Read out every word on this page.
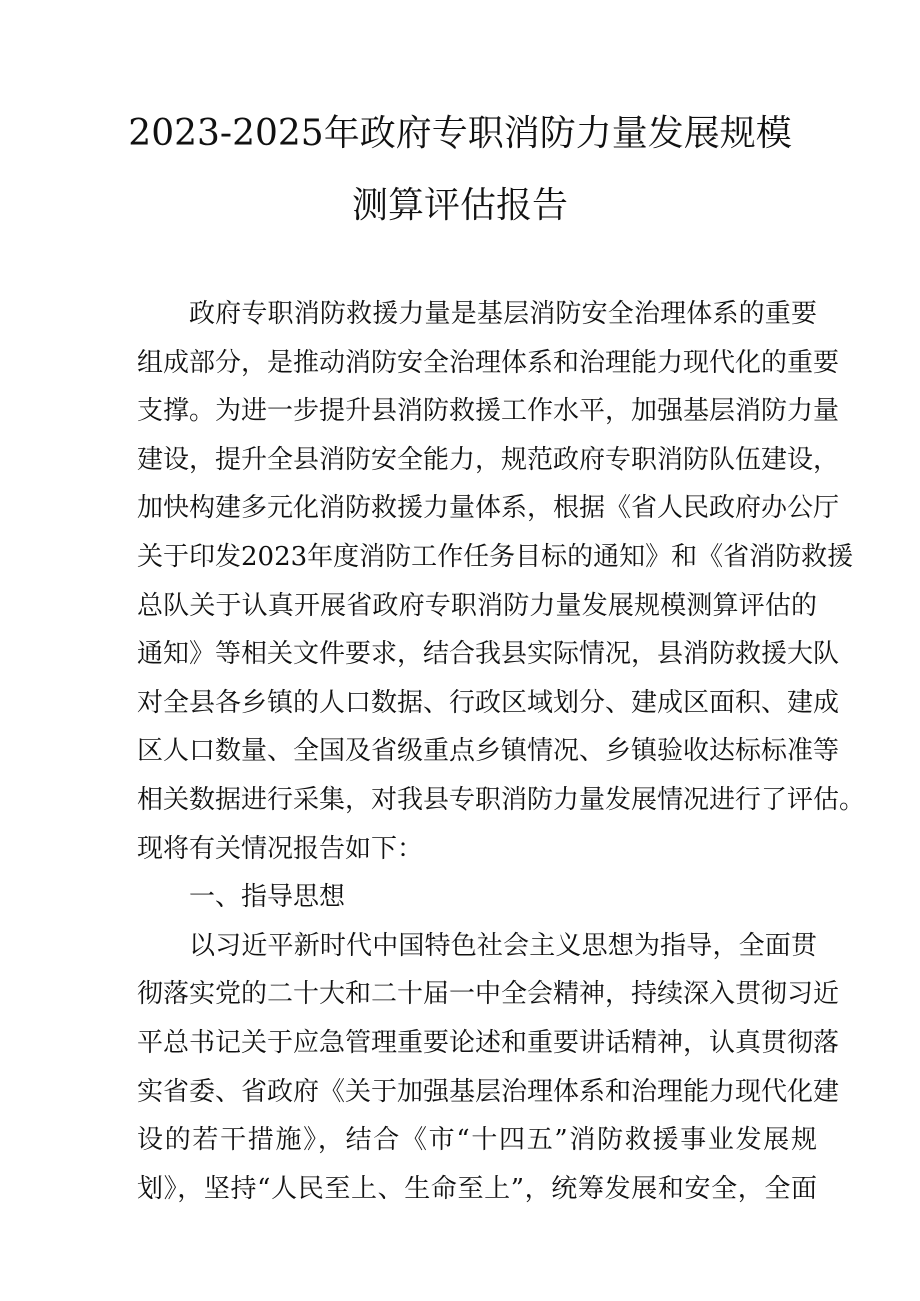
2023-2025年政府专职消防力量发展规模
测算评估报告
政府专职消防救援力量是基层消防安全治理体系的重要
组成部分，是推动消防安全治理体系和治理能力现代化的重要
支撑。为进一步提升县消防救援工作水平，加强基层消防力量
建设，提升全县消防安全能力，规范政府专职消防队伍建设，
加快构建多元化消防救援力量体系，根据《省人民政府办公厅
关于印发2023年度消防工作任务目标的通知》和《省消防救援
总队关于认真开展省政府专职消防力量发展规模测算评估的
通知》等相关文件要求，结合我县实际情况，县消防救援大队
对全县各乡镇的人口数据、行政区域划分、建成区面积、建成
区人口数量、全国及省级重点乡镇情况、乡镇验收达标标准等
相关数据进行采集，对我县专职消防力量发展情况进行了评估。
现将有关情况报告如下：
一、指导思想
以习近平新时代中国特色社会主义思想为指导，全面贯
彻落实党的二十大和二十届一中全会精神，持续深入贯彻习近
平总书记关于应急管理重要论述和重要讲话精神，认真贯彻落
实省委、省政府《关于加强基层治理体系和治理能力现代化建
设的若干措施》，结合《市“十四五”消防救援事业发展规
划》，坚持“人民至上、生命至上”，统筹发展和安全，全面
